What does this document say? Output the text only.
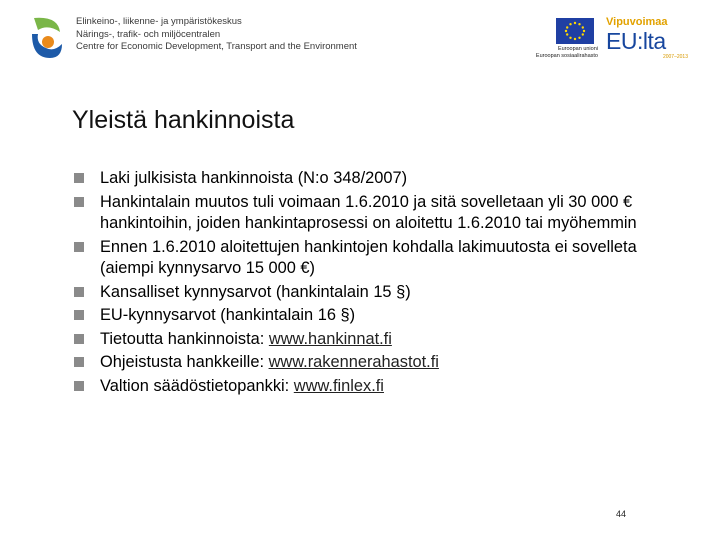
Elinkeino-, liikenne- ja ympäristökeskus
Närings-, trafik- och miljöcentralen
Centre for Economic Development, Transport and the Environment	Euroopan unioni
Euroopan sosiaalirahasto
Vipuvoimaa
EU:lta
2007–2013
Yleistä hankinnoista
Laki julkisista hankinnoista (N:o 348/2007)
Hankintalain muutos tuli voimaan 1.6.2010 ja sitä sovelletaan yli 30 000 € hankintoihin, joiden hankintaprosessi on aloitettu 1.6.2010 tai myöhemmin
Ennen 1.6.2010 aloitettujen hankintojen kohdalla lakimuutosta ei sovelleta (aiempi kynnysarvo 15 000 €)
Kansalliset kynnysarvot (hankintalain 15 §)
EU-kynnysarvot (hankintalain 16 §)
Tietoutta hankinnoista: www.hankinnat.fi
Ohjeistusta hankkeille: www.rakennerahastot.fi
Valtion säädöstietopankki: www.finlex.fi
44
